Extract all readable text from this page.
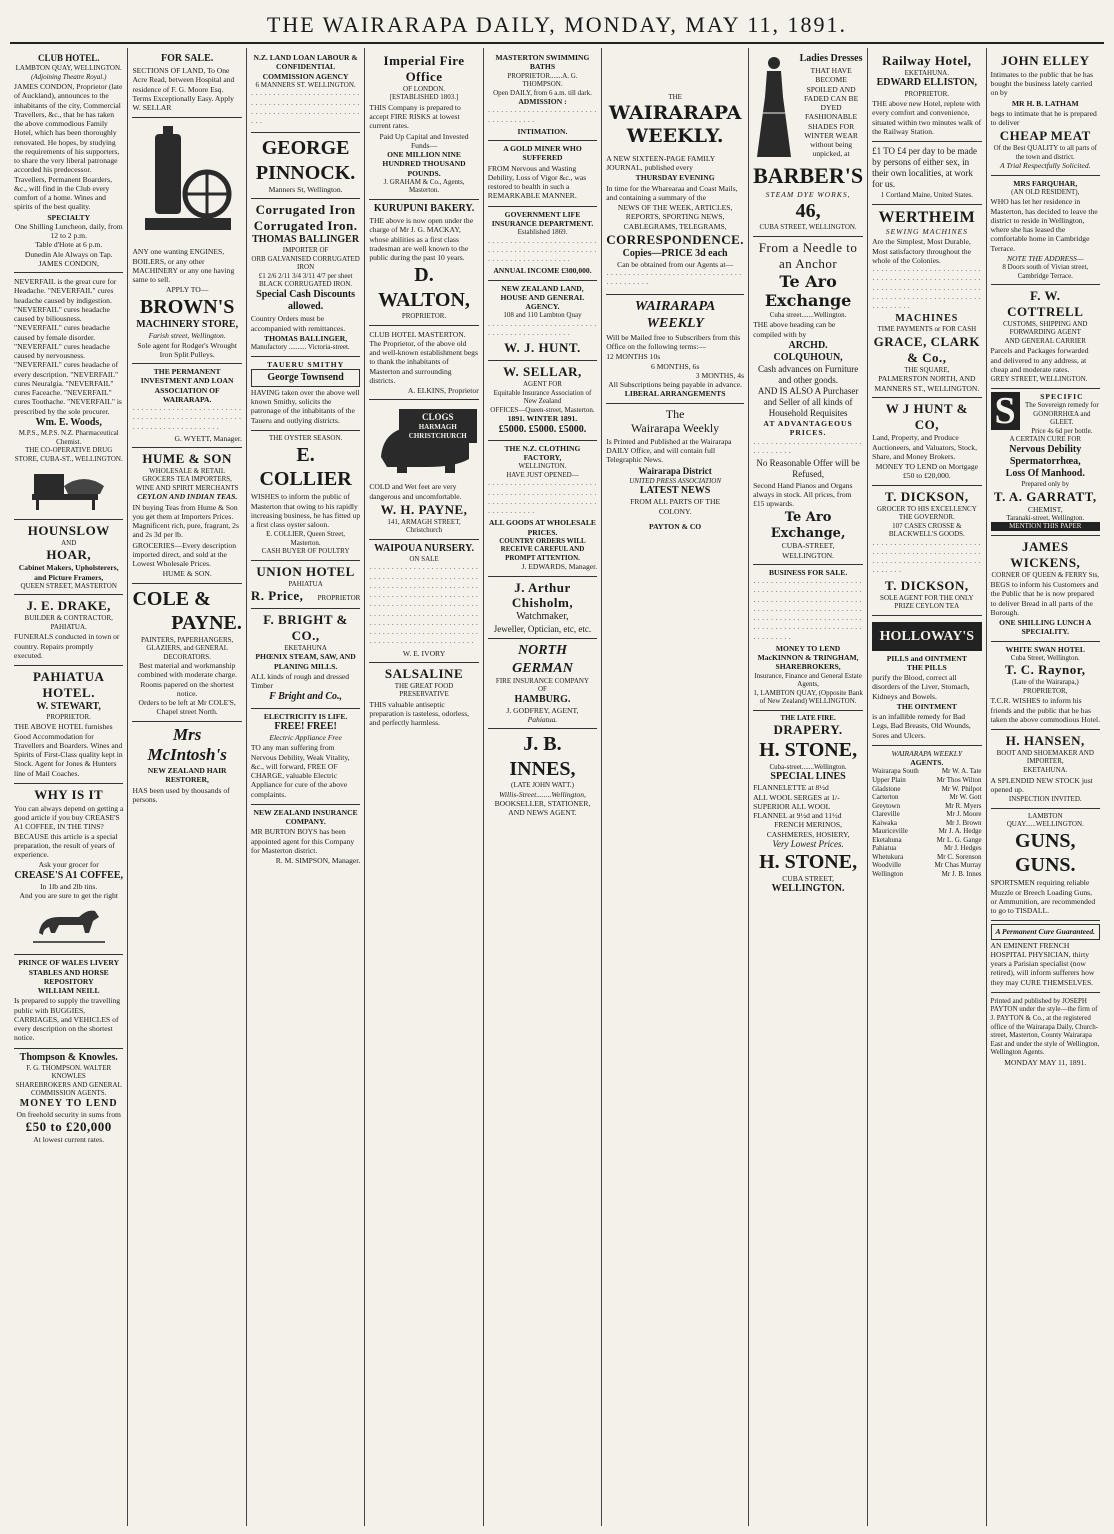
THE WAIRARAPA DAILY, MONDAY, MAY 11, 1891.
CLUB HOTEL.
LAMBTON QUAY, WELLINGTON.
(Adjoining Theatre Royal.)

JAMES CONDON, Proprietor (late of Auckland), announces to the inhabitants of the city, Commercial Travellers, &c., that he has taken the above commodious Family Hotel, which has been thoroughly renovated. He hopes, by studying the requirements of his supporters, to share the very liberal patronage accorded his predecessor. Travellers, Permanent Boarders, &c., will find in the Club every comfort of a home. Wines and spirits of the best quality.

SPECIALTY
One Shilling Luncheon, daily, from 12 to 2 p.m.
Table d'Hote at 6 p.m.
Dunedin Ale Always on Tap.
JAMES CONDON,

NEVERFAIL is the great cure for Headache. "NEVERFAIL" cures headache caused by indigestion. "NEVERFAIL" cures headache caused by biliousness. "NEVERFAIL" cures headache caused by female disorder. "NEVERFAIL" cures headache caused by nervousness. "NEVERFAIL" cures headache of every description. "NEVERFAIL" cures Neuralgia. "NEVERFAIL" cures Faceache. "NEVERFAIL" cures Toothache. "NEVERFAIL" is prescribed by the sole procurer.

Wm. E. Woods,
M.P.S., M.P.S. N.Z. Pharmaceutical Chemist.
THE CO-OPERATIVE DRUG STORE, CUBA-ST., WELLINGTON.
HOUNSLOW
AND
HOAR,
Cabinet Makers, Upholsterers, and Picture Framers,
QUEEN STREET, MASTERTON
J. E. DRAKE,
BUILDER & CONTRACTOR, PAHIATUA.

FUNERALS conducted in town or country. Repairs promptly executed.

PAHIATUA HOTEL.
W. STEWART,
PROPRIETOR.

THE ABOVE HOTEL furnishes Good Accommodation for Travellers and Boarders. Wines and Spirits of First-Class quality kept in Stock. Agent for Jones & Hunters line of Mail Coaches.

WHY IS IT

You can always depend on getting a good article if you buy CREASE'S A1 COFFEE, IN THE TINS? BECAUSE this article is a special preparation, the result of years of experience.

Ask your grocer for
CREASE'S A1 COFFEE,
In 1lb and 2lb tins.
And you are sure to get the right
PRINCE OF WALES LIVERY STABLES AND HORSE REPOSITORY
WILLIAM NEILL

Is prepared to supply the travelling public with BUGGIES, CARRIAGES, and VEHICLES of every description on the shortest notice.

Thompson & Knowles.
F. G. THOMPSON. WALTER KNOWLES
SHAREBROKERS AND GENERAL COMMISSION AGENTS.
MONEY TO LEND
On freehold security in sums from
£50 to £20,000
At lowest current rates.
FOR SALE.

SECTIONS OF LAND, To One Acre Read, between Hospital and residence of F. G. Moore Esq. Terms Exceptionally Easy. Apply W. SELLAR

ANY one wanting ENGINES, BOILERS, or any other MACHINERY or any one having same to sell.

APPLY TO—
BROWN'S
MACHINERY STORE,
Farish street, Wellington.
Sole agent for Rodger's Wrought Iron Split Pulleys.
THE PERMANENT INVESTMENT AND LOAN ASSOCIATION OF WAIRARAPA.

· · · · · · · · · · · · · · · · · · · · · · · · · · · · · · · · · · · · · · · · · · · · · · · · · · · · · · · · · · · · · · · · · · · · · ·

G. WYETT, Manager.
HUME & SON
WHOLESALE & RETAIL GROCERS TEA IMPORTERS,
WINE AND SPIRIT MERCHANTS
CEYLON AND INDIAN TEAS.

IN buying Teas from Hume & Son you get them at Importers Prices. Magnificent rich, pure, fragrant, 2s and 2s 3d per lb.

GROCERIES—Every description imported direct, and sold at the Lowest Wholesale Prices.

HUME & SON.
COLE &
PAYNE.
PAINTERS, PAPERHANGERS, GLAZIERS, and GENERAL DECORATORS.
Best material and workmanship combined with moderate charge.
Rooms papered on the shortest notice.
Orders to be left at Mr COLE'S, Chapel street North.
Mrs McIntosh's
NEW ZEALAND HAIR RESTORER,

HAS been used by thousands of persons.

N.Z. LAND LOAN LABOUR & CONFIDENTIAL COMMISSION AGENCY
6 MANNERS ST. WELLINGTON.

· · · · · · · · · · · · · · · · · · · · · · · · · · · · · · · · · · · · · · · · · · · · · · · · · · · · · · · · · · · · · · · · · · · · · · · · · · · · · ·

GEORGE
PINNOCK.
Manners St, Wellington.
Corrugated Iron
Corrugated Iron.
THOMAS BALLINGER
IMPORTER OF
ORB GALVANISED CORRUGATED IRON
£1 2/6 2/11 3/4 3/11 4/7 per sheet
BLACK CORRUGATED IRON.
Special Cash Discounts allowed.

Country Orders must be accompanied with remittances.

THOMAS BALLINGER,
Manufactory .......... Victoria-street.
TAUERU SMITHY
George Townsend

HAVING taken over the above well known Smithy, solicits the patronage of the inhabitants of the Taueru and outlying districts.

THE OYSTER SEASON.
E. COLLIER

WISHES to inform the public of Masterton that owing to his rapidly increasing business, he has fitted up a first class oyster saloon.

E. COLLIER, Queen Street, Masterton.
CASH BUYER OF POULTRY
UNION HOTEL
PAHIATUA
R. Price, PROPRIETOR
F. BRIGHT & CO.,
EKETAHUNA
PHŒNIX STEAM, SAW, AND PLANING MILLS.

ALL kinds of rough and dressed Timber

F Bright and Co.,
ELECTRICITY IS LIFE.
FREE! FREE!
Electric Appliance Free

TO any man suffering from Nervous Debility, Weak Vitality, &c., will forward, FREE OF CHARGE, valuable Electric Appliance for cure of the above complaints.

NEW ZEALAND INSURANCE COMPANY.

MR BURTON BOYS has been appointed agent for this Company for Masterton district.

R. M. SIMPSON, Manager.
Imperial Fire Office
OF LONDON.
[ESTABLISHED 1803.]

THIS Company is prepared to accept FIRE RISKS at lowest current rates.

Paid Up Capital and Invested Funds—
ONE MILLION NINE HUNDRED THOUSAND POUNDS.
J. GRAHAM & Co., Agents, Masterton.
KURUPUNI BAKERY.

THE above is now open under the charge of Mr J. G. MACKAY, whose abilities as a first class tradesman are well known to the public during the past 10 years.

D. WALTON,
PROPRIETOR.

CLUB HOTEL MASTERTON. The Proprietor, of the above old and well-known establishment begs to thank the inhabitants of Masterton and surrounding districts.

A. ELKINS, Proprietor
CLOGS
HARMAGH
CHRISTCHURCH

COLD and Wet feet are very dangerous and uncomfortable.

W. H. PAYNE,
141, ARMAGH STREET,
Christchurch
WAIPOUA NURSERY.
ON SALE

· · · · · · · · · · · · · · · · · · · · · · · · · · · · · · · · · · · · · · · · · · · · · · · · · · · · · · · · · · · · · · · · · · · · · · · · · · · · · · · · · · · · · · · · · · · · · · · · · · · · · · · · · · · · · · · · · · · · · · · · · · · · · · · · · · · · · · · · · · · · · · · · · · · · · · · · · · · · · · · · · · · · · · · · · · · · · · · · · · · · · · · · · · · · · · · · · · · · · · · · · · · · · · · · · · · · · · · · · · · · · · · ·

W. E. IVORY
SALSALINE
THE GREAT FOOD PRESERVATIVE

THIS valuable antiseptic preparation is tasteless, odorless, and perfectly harmless.

MASTERTON SWIMMING BATHS
PROPRIETOR.......A. G. THOMPSON.
Open DAILY, from 6 a.m. till dark.
ADMISSION :

· · · · · · · · · · · · · · · · · · · · · · · · · · · · · · · · · · · ·

INTIMATION.
A GOLD MINER WHO SUFFERED

FROM Nervous and Wasting Debility, Loss of Vigor &c., was restored to health in such a REMARKABLE MANNER.

GOVERNMENT LIFE INSURANCE DEPARTMENT.
Established 1869.

· · · · · · · · · · · · · · · · · · · · · · · · · · · · · · · · · · · · · · · · · · · · · · · · · · · · · · · · · · · · · · · · · · · · ·

ANNUAL INCOME £300,000.
NEW ZEALAND LAND, HOUSE AND GENERAL AGENCY.
108 and 110 Lambton Quay

· · · · · · · · · · · · · · · · · · · · · · · · · · · · · · · · · · · · · · · · · · · ·

W. J. HUNT.
W. SELLAR,
AGENT FOR
Equitable Insurance Association of New Zealand
OFFICES—Queen-street, Masterton.
1891. WINTER 1891.
£5000. £5000. £5000.
THE N.Z. CLOTHING FACTORY,
WELLINGTON.
HAVE JUST OPENED—

· · · · · · · · · · · · · · · · · · · · · · · · · · · · · · · · · · · · · · · · · · · · · · · · · · · · · · · · · · · · · · · · · · · · · · · · · · · · · · · · · · · · · ·

ALL GOODS AT WHOLESALE PRICES.
COUNTRY ORDERS WILL RECEIVE CAREFUL AND PROMPT ATTENTION.
J. EDWARDS, Manager.
J. Arthur Chisholm,
Watchmaker,
Jeweller, Optician, etc, etc.
NORTH GERMAN
FIRE INSURANCE COMPANY
OF
HAMBURG.
J. GODFREY, AGENT,
Pahiatua.
J. B. INNES,
(LATE JOHN WATT.)
Willis-Street........Wellington,
BOOKSELLER, STATIONER, AND NEWS AGENT.
THE
WAIRARAPA
WEEKLY.

A NEW SIXTEEN-PAGE FAMILY JOURNAL, published every

THURSDAY EVENING

In time for the Wharearaa and Coast Mails, and containing a summary of the

NEWS OF THE WEEK, ARTICLES, REPORTS, SPORTING NEWS, CABLEGRAMS, TELEGRAMS,

CORRESPONDENCE.
Copies—PRICE 3d each
Can be obtained from our Agents at—

· · · · · · · · · · · · · · · · · · · · · · · · · · · · · · · · · · · · · · · · ·

WAIRARAPA WEEKLY

Will be Mailed free to Subscribers from this Office on the following terms:—

12 MONTHS 10s
6 MONTHS, 6s
3 MONTHS, 4s
All Subscriptions being payable in advance.
LIBERAL ARRANGEMENTS
The
Wairarapa Weekly

Is Printed and Published at the Wairarapa DAILY Office, and will contain full Telegraphic News.

Wairarapa District
UNITED PRESS ASSOCIATION
LATEST NEWS
FROM ALL PARTS OF THE
COLONY.
PAYTON & CO
Ladies Dresses

THAT HAVE BECOME SPOILED AND FADED CAN BE DYED FASHIONABLE SHADES FOR WINTER WEAR without being unpicked, at

BARBER'S
STEAM DYE WORKS,
46,
CUBA STREET, WELLINGTON.
From a Needle to an Anchor
Te Aro Exchange
Cuba street.......Wellington.

THE above heading can be compiled with by

ARCHD. COLQUHOUN,
Cash advances on Furniture and other goods.
AND IS ALSO A Purchaser and Seller of all kinds of Household Requisites
AT ADVANTAGEOUS PRICES.

· · · · · · · · · · · · · · · · · · · · · · · · · · · · · · · · · ·

No Reasonable Offer will be Refused,

Second Hand Pianos and Organs always in stock. All prices, from £15 upwards.

Te Aro Exchange,
CUBA-STREET,
WELLINGTON.
BUSINESS FOR SALE.

· · · · · · · · · · · · · · · · · · · · · · · · · · · · · · · · · · · · · · · · · · · · · · · · · · · · · · · · · · · · · · · · · · · · · · · · · · · · · · · · · · · · · · · · · · · · · · · · · · · · · · · · · · · · · · · · · · · · · · · · · · · · · · · · · · · · · · · · · · · · · · · · · · · · · · · · · · · · · · ·

MONEY TO LEND
MacKINNON & TRINGHAM, SHAREBROKERS,
Insurance, Finance and General Estate Agents,
1, LAMBTON QUAY, (Opposite Bank of New Zealand) WELLINGTON.
THE LATE FIRE.
DRAPERY.
H. STONE,
Cuba-street.......Wellington.
SPECIAL LINES
FLANNELETTE at 8½d
ALL WOOL SERGES at 1/-
SUPERIOR ALL WOOL FLANNEL at 9½d and 11½d
FRENCH MERINOS, CASHMERES, HOSIERY,
Very Lowest Prices.
H. STONE,
CUBA STREET,
WELLINGTON.
Railway Hotel,
EKETAHUNA.
EDWARD ELLISTON,
PROPRIETOR.

THE above new Hotel, replete with every comfort and convenience, situated within two minutes walk of the Railway Station.

£1 TO £4 per day to be made by persons of either sex, in their own localities, at work for us.

1 Cortland Maine, United States.
WERTHEIM
SEWING MACHINES

Are the Simplest, Most Durable, Most satisfactory throughout the whole of the Colonies.

· · · · · · · · · · · · · · · · · · · · · · · · · · · · · · · · · · · · · · · · · · · · · · · · · · · · · · · · · · · · · · · · · · · · · · · · · · · · · · · · · · · · · · · · · · · · · · · · · · · · · · · · · · · · ·

MACHINES
TIME PAYMENTS or FOR CASH
GRACE, CLARK & Co.,
THE SQUARE,
PALMERSTON NORTH, AND MANNERS ST., WELLINGTON.
W J HUNT & CO,

Land, Property, and Produce Auctioneers, and Valuators, Stock, Share, and Money Brokers.

MONEY TO LEND on Mortgage £50 to £20,000.
T. DICKSON,
GROCER TO HIS EXCELLENCY THE GOVERNOR.
107 CASES CROSSE & BLACKWELL'S GOODS.

· · · · · · · · · · · · · · · · · · · · · · · · · · · · · · · · · · · · · · · · · · · · · · · · · · · · · · · · · · · · · · · · · · · · · · · · · · · · · · · · · ·

T. DICKSON,
SOLE AGENT FOR THE ONLY PRIZE CEYLON TEA
HOLLOWAY'S
PILLS and OINTMENT
THE PILLS

purify the Blood, correct all disorders of the Liver, Stomach, Kidneys and Bowels.

THE OINTMENT

is an infallible remedy for Bad Legs, Bad Breasts, Old Wounds, Sores and Ulcers.

WAIRARAPA WEEKLY
AGENTS.
Wairarapa South	Mr W. A. Tate
Upper Plain	Mr Thos Wilton
Gladstone	Mr W. Philpot
Carterton	Mr W. Gott
Greytown	Mr R. Myers
Clareville	Mr J. Moore
Kaiwaka	Mr J. Brown
Mauriceville	Mr J. A. Hedge
Eketahuna	Mr L. G. Gange
Pahiatua	Mr J. Hedges
Whetukura	Mr C. Sorenson
Woodville	Mr Chas Murray
Wellington	Mr J. B. Innes
JOHN ELLEY

Intimates to the public that he has bought the business lately carried on by

MR H. B. LATHAM

begs to intimate that he is prepared to deliver

CHEAP MEAT
Of the Best QUALITY to all parts of the town and district.
A Trial Respectfully Solicited.
MRS FARQUHAR,
(AN OLD RESIDENT),

WHO has let her residence in Masterton, has decided to leave the district to reside in Wellington, where she has leased the comfortable home in Cambridge Terrace.

NOTE THE ADDRESS—
8 Doors south of Vivian street, Cambridge Terrace.
F. W. COTTRELL
CUSTOMS, SHIPPING AND FORWARDING AGENT
AND GENERAL CARRIER

Parcels and Packages forwarded and delivered to any address, at cheap and moderate rates.

GREY STREET, WELLINGTON.
S	SPECIFIC
The Sovereign remedy for GONORRHŒA and GLEET.
Price 4s 6d per bottle.
A CERTAIN CURE FOR
Nervous Debility
Spermatorrhœa,
Loss Of Manhood.
Prepared only by
T. A. GARRATT,
CHEMIST,
Taranaki-street, Wellington.
MENTION THIS PAPER
JAMES WICKENS,
CORNER OF QUEEN & FERRY Sts,

BEGS to inform his Customers and the Public that he is now prepared to deliver Bread in all parts of the Borough.

ONE SHILLING LUNCH A SPECIALITY.
WHITE SWAN HOTEL
Cuba Street, Wellington.
T. C. Raynor,
(Late of the Wairarapa,)
PROPRIETOR,

T.C.R. WISHES to inform his friends and the public that he has taken the above commodious Hotel.

H. HANSEN,
BOOT AND SHOEMAKER AND IMPORTER,
EKETAHUNA.

A SPLENDID NEW STOCK just opened up.

INSPECTION INVITED.
LAMBTON QUAY......WELLINGTON.
GUNS, GUNS.

SPORTSMEN requiring reliable Muzzle or Breech Loading Guns, or Ammunition, are recommended to go to TISDALL.

A Permanent Cure Guaranteed.

AN EMINENT FRENCH HOSPITAL PHYSICIAN, thirty years a Parisian specialist (now retired), will inform sufferers how they may CURE THEMSELVES.

Printed and published by JOSEPH PAYTON under the style—the firm of J. PAYTON & Co., at the registered office of the Wairarapa Daily, Church-street, Masterton, County Wairarapa East and under the style of Wellington, Wellington Agents.

MONDAY MAY 11, 1891.
